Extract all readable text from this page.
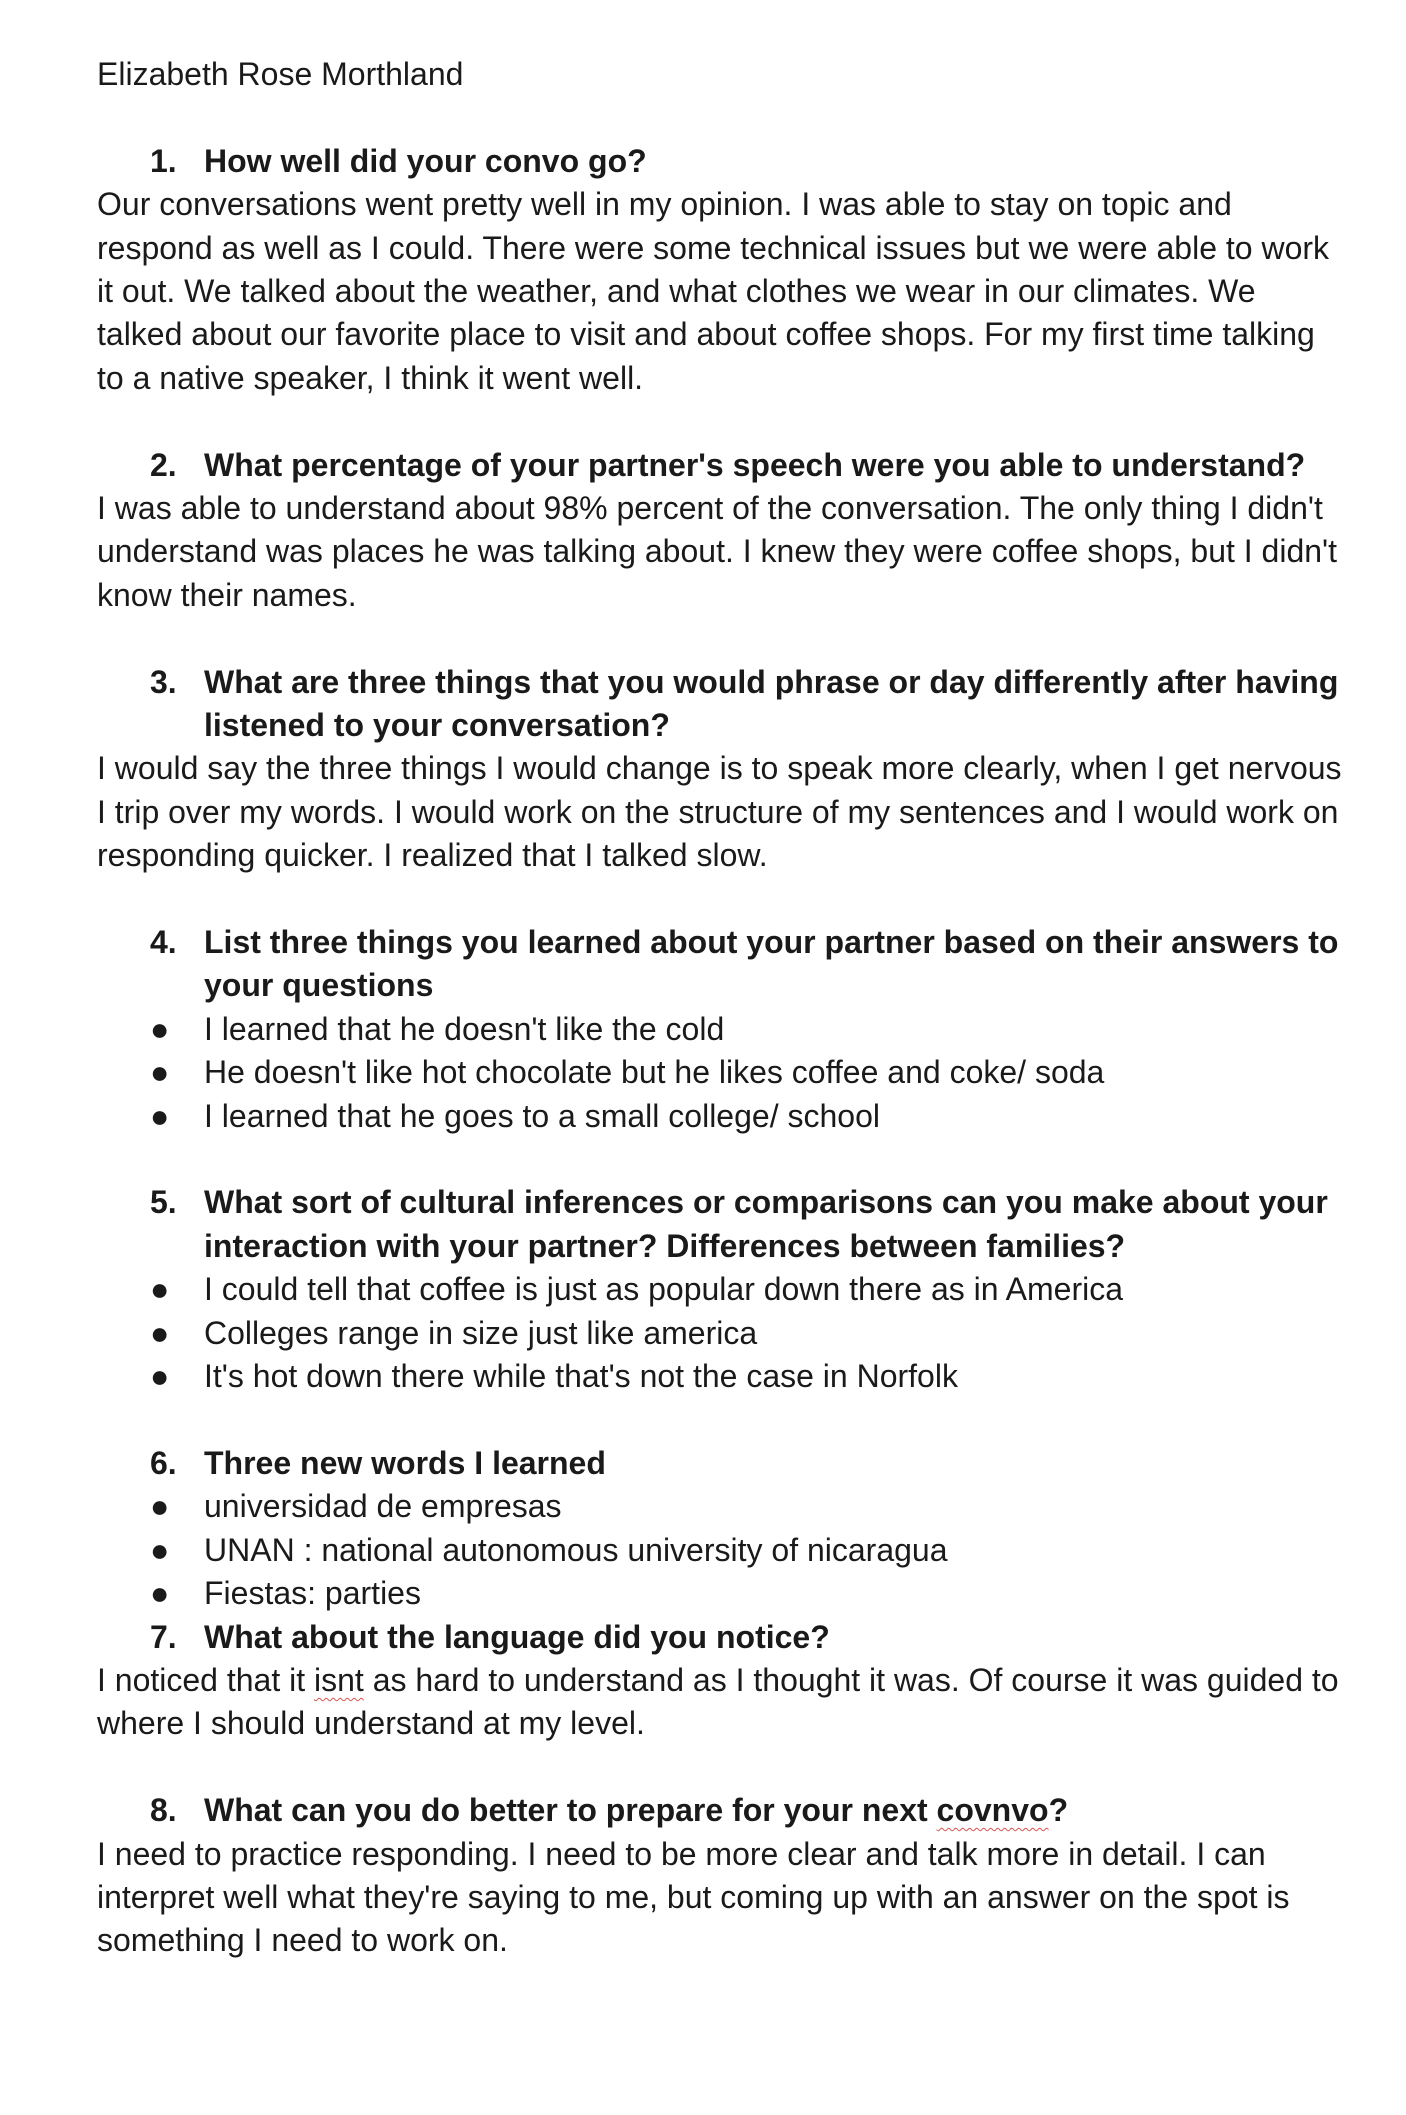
Elizabeth Rose Morthland

1. How well did your convo go?

Our conversations went pretty well in my opinion. I was able to stay on topic and respond as well as I could. There were some technical issues but we were able to work it out. We talked about the weather, and what clothes we wear in our climates. We talked about our favorite place to visit and about coffee shops. For my first time talking to a native speaker, I think it went well.

2. What percentage of your partner's speech were you able to understand?

I was able to understand about 98% percent of the conversation. The only thing I didn't understand was places he was talking about. I knew they were coffee shops, but I didn't know their names.

3. What are three things that you would phrase or day differently after having listened to your conversation?

I would say the three things I would change is to speak more clearly, when I get nervous I trip over my words. I would work on the structure of my sentences and I would work on responding quicker. I realized that I talked slow.

4. List three things you learned about your partner based on their answers to your questions
●	I learned that he doesn't like the cold
●	He doesn't like hot chocolate but he likes coffee and coke/ soda
●	I learned that he goes to a small college/ school
5. What sort of cultural inferences or comparisons can you make about your interaction with your partner? Differences between families?
●	I could tell that coffee is just as popular down there as in America
●	Colleges range in size just like america
●	It's hot down there while that's not the case in Norfolk
6. Three new words I learned
●	universidad de empresas
●	UNAN : national autonomous university of nicaragua
●	Fiestas: parties
7. What about the language did you notice?

I noticed that it isnt as hard to understand as I thought it was. Of course it was guided to where I should understand at my level.

8. What can you do better to prepare for your next covnvo?

I need to practice responding. I need to be more clear and talk more in detail. I can interpret well what they're saying to me, but coming up with an answer on the spot is something I need to work on.
